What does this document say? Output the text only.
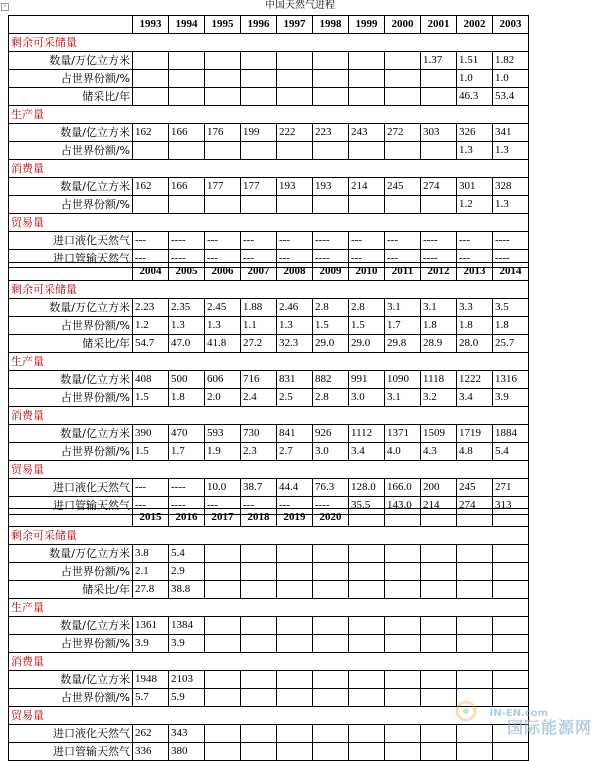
+	中国天然气进程
	1993	1994	1995	1996	1997	1998	1999	2000	2001	2002	2003
剩余可采储量											
数量/万亿立方米									1.37	1.51	1.82
占世界份额/%										1.0	1.0
储采比/年										46.3	53.4
生产量											
数量/亿立方米	162	166	176	199	222	223	243	272	303	326	341
占世界份额/%										1.3	1.3
消费量											
数量/亿立方米	162	166	177	177	193	193	214	245	274	301	328
占世界份额/%										1.2	1.3
贸易量											
进口液化天然气	---	----	---	---	---	----	---	---	----	---	----
进口管输天然气	---	----	---	---	---	----	---	---	----	---	----
	2004	2005	2006	2007	2008	2009	2010	2011	2012	2013	2014
剩余可采储量											
数量/万亿立方米	2.23	2.35	2.45	1.88	2.46	2.8	2.8	3.1	3.1	3.3	3.5
占世界份额/%	1.2	1.3	1.3	1.1	1.3	1.5	1.5	1.7	1.8	1.8	1.8
储采比/年	54.7	47.0	41.8	27.2	32.3	29.0	29.0	29.8	28.9	28.0	25.7
生产量											
数量/亿立方米	408	500	606	716	831	882	991	1090	1118	1222	1316
占世界份额/%	1.5	1.8	2.0	2.4	2.5	2.8	3.0	3.1	3.2	3.4	3.9
消费量											
数量/亿立方米	390	470	593	730	841	926	1112	1371	1509	1719	1884
占世界份额/%	1.5	1.7	1.9	2.3	2.7	3.0	3.4	4.0	4.3	4.8	5.4
贸易量											
进口液化天然气	---	----	10.0	38.7	44.4	76.3	128.0	166.0	200	245	271
进口管输天然气	---	----	---	---	---	----	35.5	143.0	214	274	313
	2015	2016	2017	2018	2019	2020					
剩余可采储量											
数量/万亿立方米	3.8	5.4									
占世界份额/%	2.1	2.9									
储采比/年	27.8	38.8									
生产量											
数量/亿立方米	1361	1384									
占世界份额/%	3.9	3.9									
消费量											
数量/亿立方米	1948	2103									
占世界份额/%	5.7	5.9									
贸易量											
进口液化天然气	262	343									
进口管输天然气	336	380									
IN-EN.com
国际能源网
